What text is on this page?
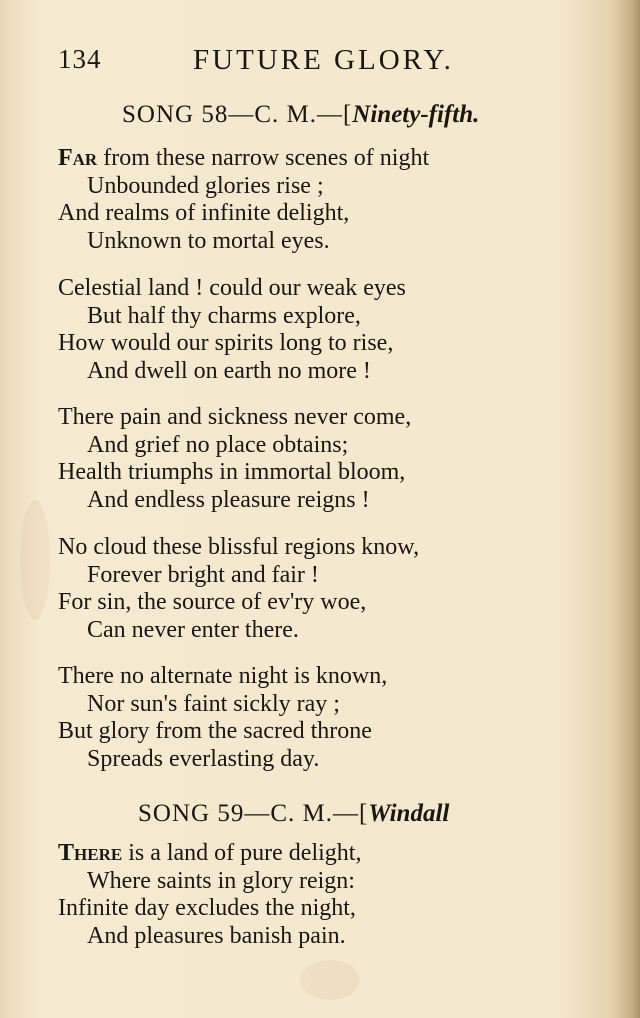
134	FUTURE GLORY.
SONG 58—C. M.—[Ninety-fifth.
Far from these narrow scenes of night
Unbounded glories rise ;
And realms of infinite delight,
Unknown to mortal eyes.
Celestial land ! could our weak eyes
But half thy charms explore,
How would our spirits long to rise,
And dwell on earth no more !
There pain and sickness never come,
And grief no place obtains;
Health triumphs in immortal bloom,
And endless pleasure reigns !
No cloud these blissful regions know,
Forever bright and fair !
For sin, the source of ev'ry woe,
Can never enter there.
There no alternate night is known,
Nor sun's faint sickly ray ;
But glory from the sacred throne
Spreads everlasting day.
SONG 59—C. M.—[Windall
There is a land of pure delight,
Where saints in glory reign:
Infinite day excludes the night,
And pleasures banish pain.
